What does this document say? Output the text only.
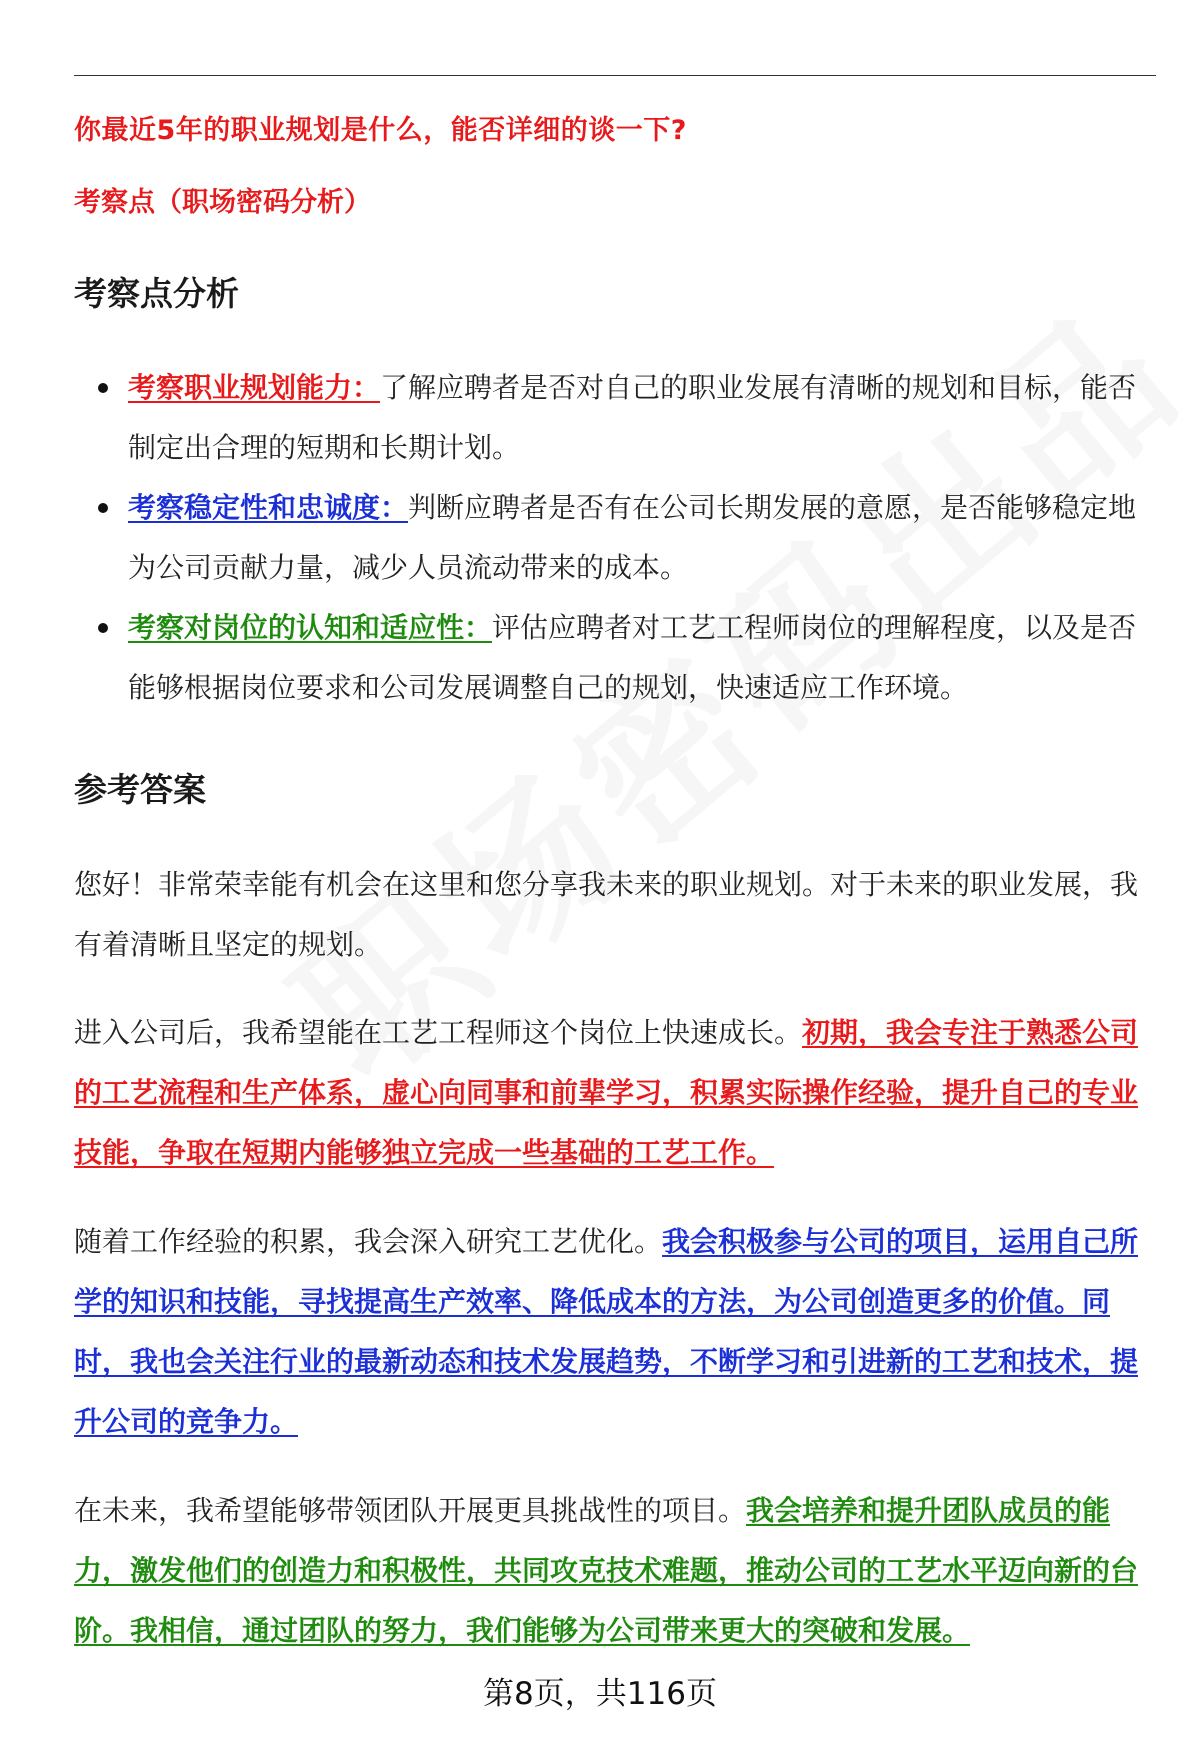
你最近5年的职业规划是什么，能否详细的谈一下?
考察点（职场密码分析）
考察点分析
考察职业规划能力：了解应聘者是否对自己的职业发展有清晰的规划和目标，能否制定出合理的短期和长期计划。
考察稳定性和忠诚度：判断应聘者是否有在公司长期发展的意愿，是否能够稳定地为公司贡献力量，减少人员流动带来的成本。
考察对岗位的认知和适应性：评估应聘者对工艺工程师岗位的理解程度，以及是否能够根据岗位要求和公司发展调整自己的规划，快速适应工作环境。
参考答案

您好！非常荣幸能有机会在这里和您分享我未来的职业规划。对于未来的职业发展，我有着清晰且坚定的规划。

进入公司后，我希望能在工艺工程师这个岗位上快速成长。初期，我会专注于熟悉公司的工艺流程和生产体系，虚心向同事和前辈学习，积累实际操作经验，提升自己的专业技能，争取在短期内能够独立完成一些基础的工艺工作。

随着工作经验的积累，我会深入研究工艺优化。我会积极参与公司的项目，运用自己所学的知识和技能，寻找提高生产效率、降低成本的方法，为公司创造更多的价值。同时，我也会关注行业的最新动态和技术发展趋势，不断学习和引进新的工艺和技术，提升公司的竞争力。

在未来，我希望能够带领团队开展更具挑战性的项目。我会培养和提升团队成员的能力，激发他们的创造力和积极性，共同攻克技术难题，推动公司的工艺水平迈向新的台阶。我相信，通过团队的努力，我们能够为公司带来更大的突破和发展。

第8页，共116页
